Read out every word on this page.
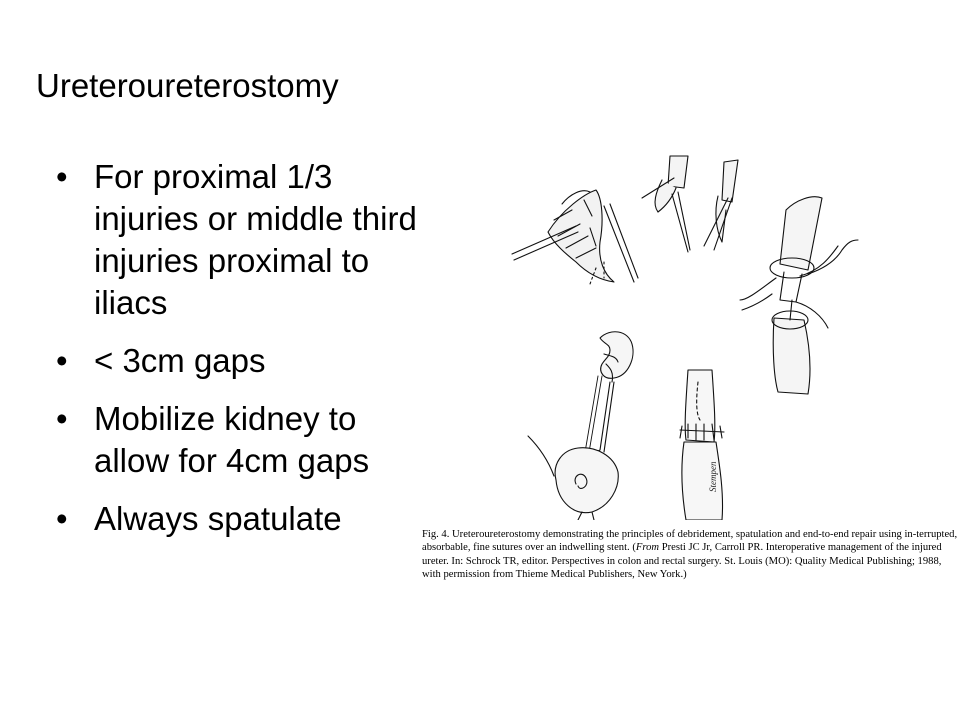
Ureteroureterostomy
• For proximal 1/3 injuries or middle third injuries proximal to iliacs
• < 3cm gaps
• Mobilize kidney to allow for 4cm gaps
• Always spatulate
Stempen

Fig. 4. Ureteroureterostomy demonstrating the principles of debridement, spatulation and end-to-end repair using in-terrupted, absorbable, fine sutures over an indwelling stent. (From Presti JC Jr, Carroll PR. Interoperative management of the injured ureter. In: Schrock TR, editor. Perspectives in colon and rectal surgery. St. Louis (MO): Quality Medical Publishing; 1988, with permission from Thieme Medical Publishers, New York.)
